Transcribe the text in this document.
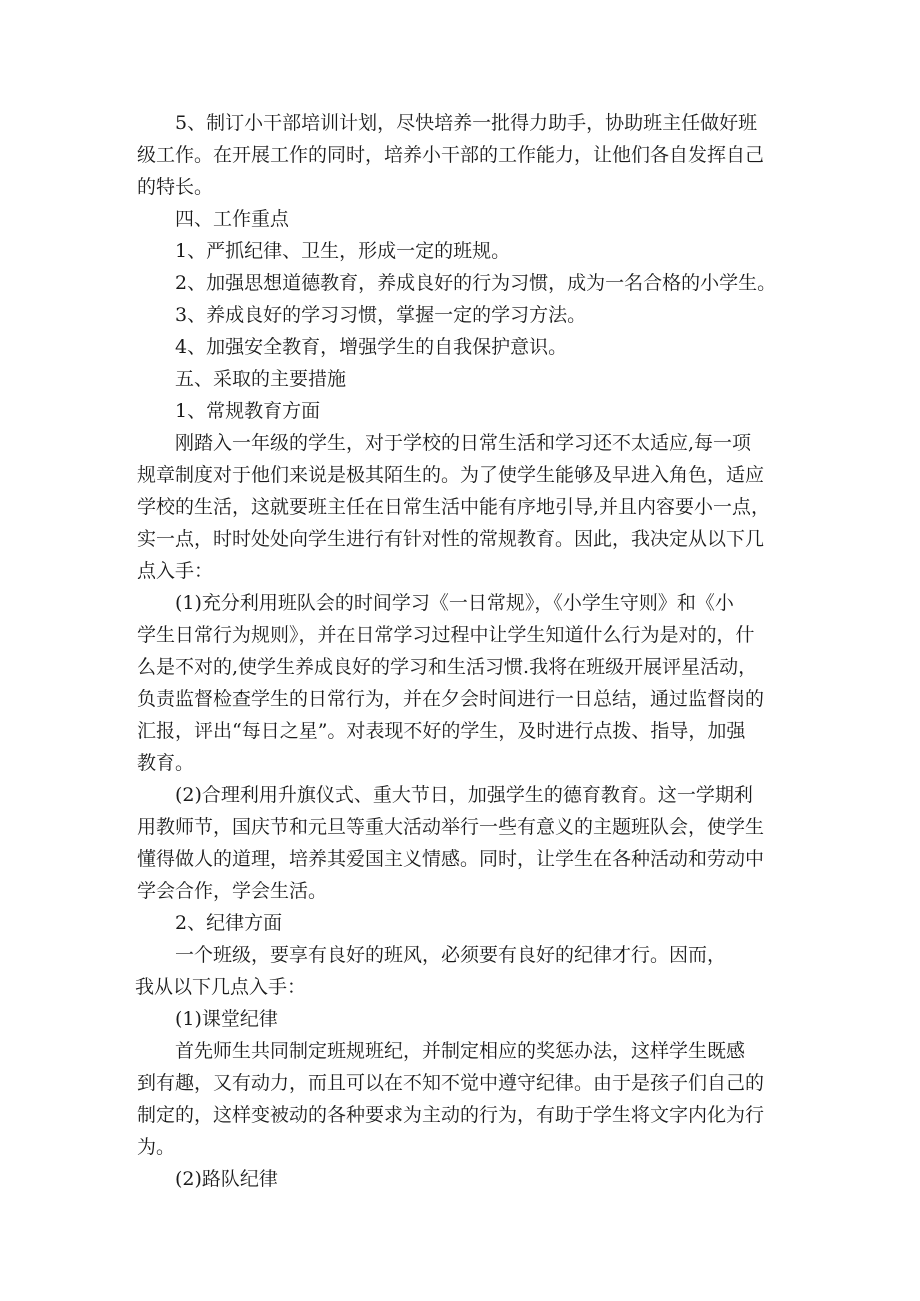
5、制订小干部培训计划，尽快培养一批得力助手，协助班主任做好班
级工作。在开展工作的同时，培养小干部的工作能力，让他们各自发挥自己
的特长。
四、工作重点
1、严抓纪律、卫生，形成一定的班规。
2、加强思想道德教育，养成良好的行为习惯，成为一名合格的小学生。
3、养成良好的学习习惯，掌握一定的学习方法。
4、加强安全教育，增强学生的自我保护意识。
五、采取的主要措施
1、常规教育方面
刚踏入一年级的学生，对于学校的日常生活和学习还不太适应,每一项
规章制度对于他们来说是极其陌生的。为了使学生能够及早进入角色，适应
学校的生活，这就要班主任在日常生活中能有序地引导,并且内容要小一点，
实一点，时时处处向学生进行有针对性的常规教育。因此，我决定从以下几
点入手：
(1)充分利用班队会的时间学习《一日常规》，《小学生守则》和《小
学生日常行为规则》，并在日常学习过程中让学生知道什么行为是对的，什
么是不对的,使学生养成良好的学习和生活习惯.我将在班级开展评星活动，
负责监督检查学生的日常行为，并在夕会时间进行一日总结，通过监督岗的
汇报，评出“每日之星”。对表现不好的学生，及时进行点拨、指导，加强
教育。
(2)合理利用升旗仪式、重大节日，加强学生的德育教育。这一学期利
用教师节，国庆节和元旦等重大活动举行一些有意义的主题班队会，使学生
懂得做人的道理，培养其爱国主义情感。同时，让学生在各种活动和劳动中
学会合作，学会生活。
2、纪律方面
一个班级，要享有良好的班风，必须要有良好的纪律才行。因而，
我从以下几点入手：
(1)课堂纪律
首先师生共同制定班规班纪，并制定相应的奖惩办法，这样学生既感
到有趣，又有动力，而且可以在不知不觉中遵守纪律。由于是孩子们自己的
制定的，这样变被动的各种要求为主动的行为，有助于学生将文字内化为行
为。
(2)路队纪律
